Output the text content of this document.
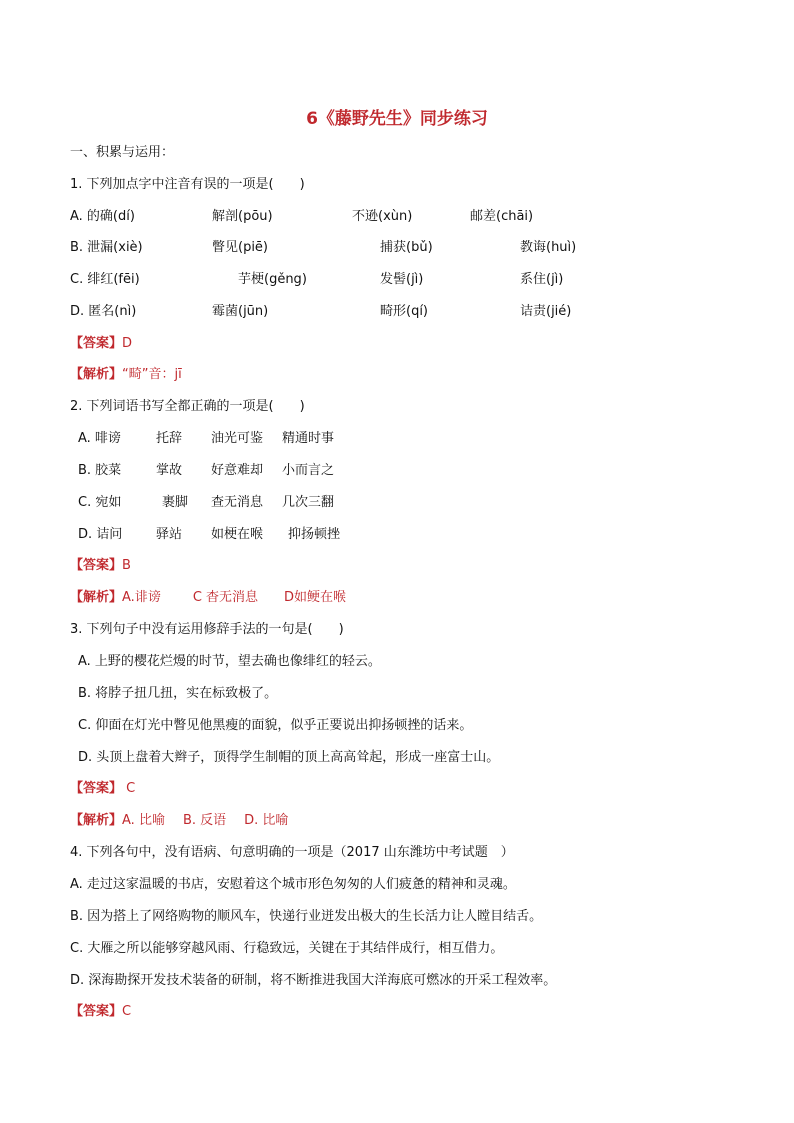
6《藤野先生》同步练习
一、积累与运用：
1. 下列加点字中注音有误的一项是(　　)
A. 的确(dí)	解剖(pōu)	不逊(xùn)	邮差(chāi)
B. 泄漏(xiè)	瞥见(piē)	捕获(bǔ)	教诲(huì)
C. 绯红(fēi)	芋梗(gěng)	发髻(jì)	系住(jì)
D. 匿名(nì)	霉菌(jūn)	畸形(qí)	诘责(jié)
【答案】D
【解析】“畸”音：jī
2. 下列词语书写全都正确的一项是(　　)
A. 啡谤	托辞 油光可鉴 精通时事
B. 胶菜	掌故 好意难却 小而言之
C. 宛如	裹脚 查无消息 几次三翻
D. 诘问	驿站 如梗在喉 抑扬顿挫
【答案】B
【解析】A.诽谤 C 杳无消息 D如鲠在喉
3. 下列句子中没有运用修辞手法的一句是(　　)
A. 上野的樱花烂熳的时节，望去确也像绯红的轻云。
B. 将脖子扭几扭，实在标致极了。
C. 仰面在灯光中瞥见他黑瘦的面貌，似乎正要说出抑扬顿挫的话来。
D. 头顶上盘着大辫子，顶得学生制帽的顶上高高耸起，形成一座富士山。
【答案】 C
【解析】A. 比喻 B. 反语 D. 比喻
4. 下列各句中，没有语病、句意明确的一项是（2017 山东潍坊中考试题　）
A. 走过这家温暖的书店，安慰着这个城市形色匆匆的人们疲惫的精神和灵魂。
B. 因为搭上了网络购物的顺风车，快递行业迸发出极大的生长活力让人瞠目结舌。
C. 大雁之所以能够穿越风雨、行稳致远，关键在于其结伴成行，相互借力。
D. 深海勘探开发技术装备的研制，将不断推进我国大洋海底可燃冰的开采工程效率。
【答案】C
